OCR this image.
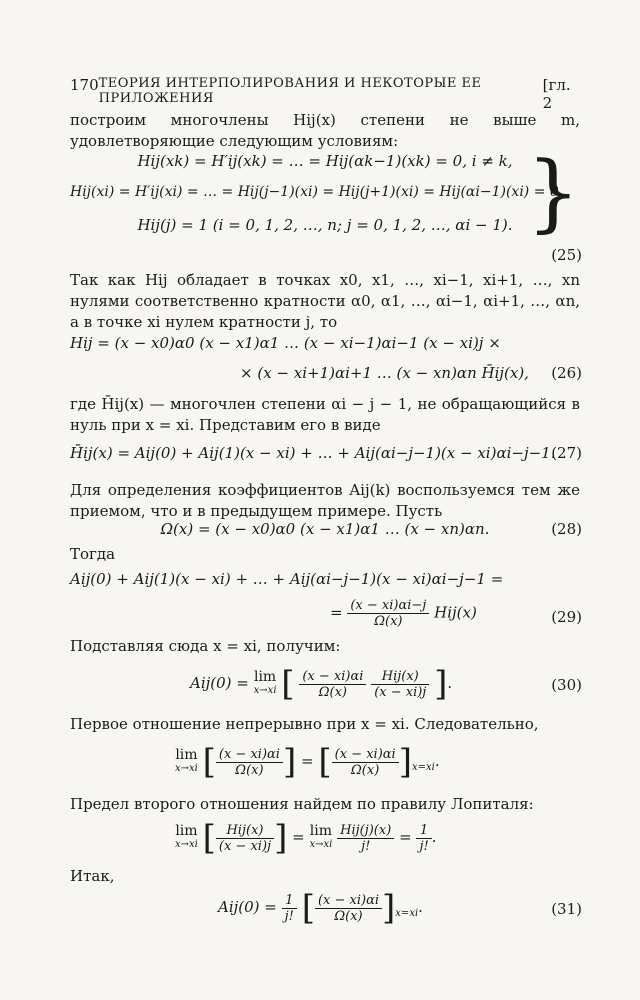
170 ТЕОРИЯ ИНТЕРПОЛИРОВАНИЯ И НЕКОТОРЫЕ ЕЕ ПРИЛОЖЕНИЯ
[гл. 2
построим многочлены Hij(x) степени не выше m, удовлетворяющие следующим условиям:
Hij(xk) = H′ij(xk) = … = Hij(αk−1)(xk) = 0, i ≠ k,
Hij(xi) = H′ij(xi) = … = Hij(j−1)(xi) = Hij(j+1)(xi) = Hij(αi−1)(xi) = 0,
Hij(j) = 1 (i = 0, 1, 2, …, n; j = 0, 1, 2, …, αi − 1). }
(25)
Так как Hij обладает в точках x0, x1, …, xi−1, xi+1, …, xn нулями соответственно кратности α0, α1, …, αi−1, αi+1, …, αn, а в точке xi нулем кратности j, то
Hij = (x − x0)α0 (x − x1)α1 … (x − xi−1)αi−1 (x − xi)j ×
× (x − xi+1)αi+1 … (x − xn)αn H̄ij(x),	(26)
где H̄ij(x) — многочлен степени αi − j − 1, не обращающийся в нуль при x = xi. Представим его в виде
H̄ij(x) = Aij(0) + Aij(1)(x − xi) + … + Aij(αi−j−1)(x − xi)αi−j−1.
(27)
Для определения коэффициентов Aij(k) воспользуемся тем же приемом, что и в предыдущем примере. Пусть
Ω(x) = (x − x0)α0 (x − x1)α1 … (x − xn)αn.	(28)
Тогда
Aij(0) + Aij(1)(x − xi) + … + Aij(αi−j−1)(x − xi)αi−j−1 =
= $\frac{(x - xi)\alpha i-j}{\Omega(x)} Hij(x)$	(29)
Подставляя сюда x = xi, получим:
Aij(0) = lim
x→xi [ $\frac{(x - xi)\alpha i}{\Omega(x)}$
$\frac{\text{Hij(x)}}{(x - xi)j}$ ].	(30)
Первое отношение непрерывно при x = xi. Следовательно,
lim
x→xi [ $\frac{(x - xi)\alpha i}{\Omega(x)}$ ] = [ $\frac{(x - xi)\alpha i}{\Omega(x)} ]_{x=xi}$.
Предел второго отношения найдем по правилу Лопиталя:
lim
x→xi [ $\frac{\text{Hij(x)}}{(x - xi)j}$ ] = lim
x→xi
$\frac{\text{Hij(j)(x)}}{j!} = \frac{1}{j!}$ .
Итак,
$Aij(0) = \frac{1}{j!}$ [ $\frac{(x - xi)\alpha i}{\Omega(x)} ]_{x=xi}$.	(31)
